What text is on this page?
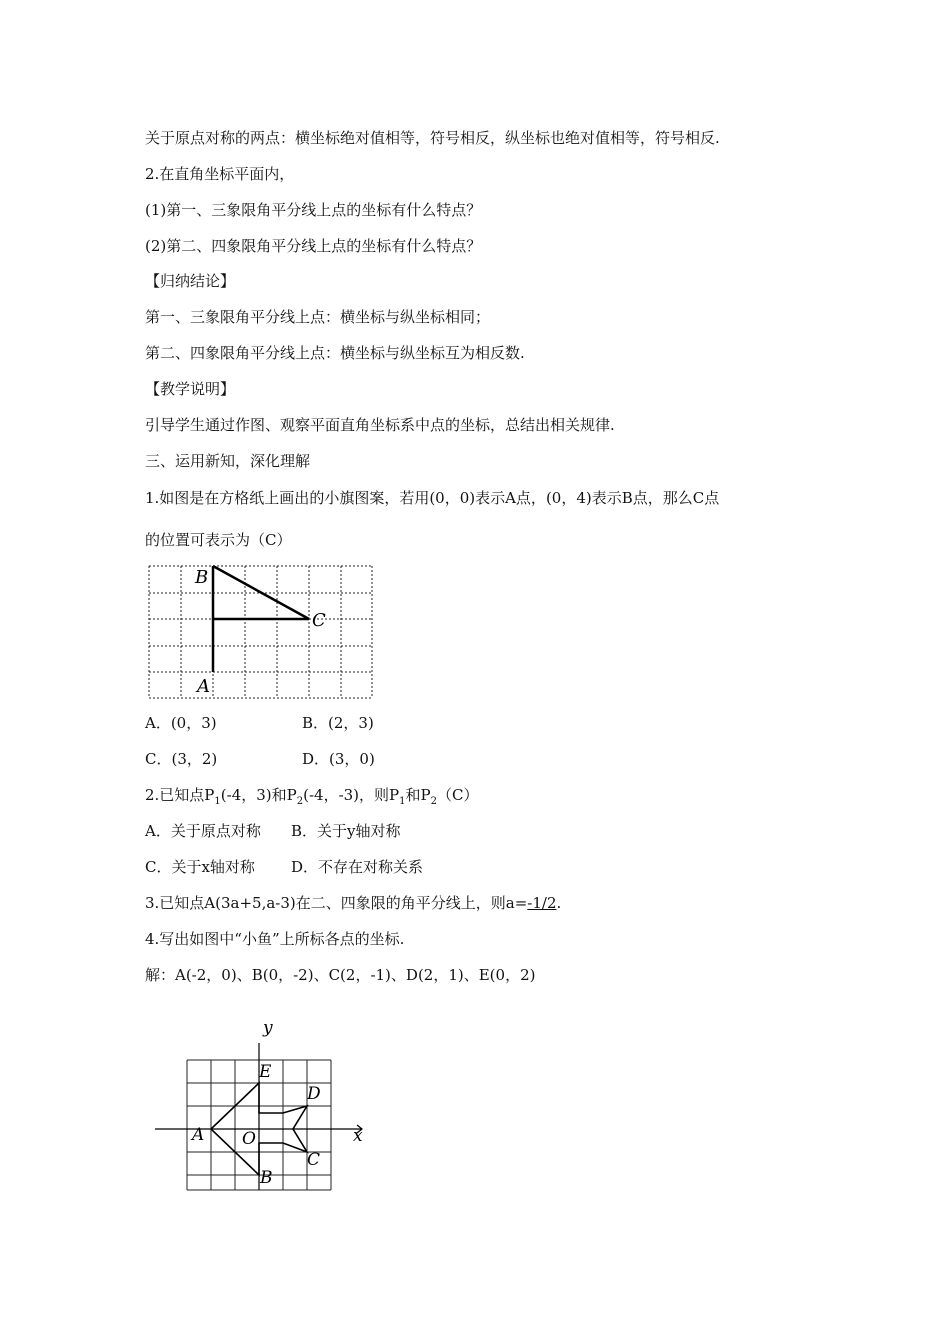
关于原点对称的两点：横坐标绝对值相等，符号相反，纵坐标也绝对值相等，符号相反.
2.在直角坐标平面内，
(1)第一、三象限角平分线上点的坐标有什么特点？
(2)第二、四象限角平分线上点的坐标有什么特点？
【归纳结论】
第一、三象限角平分线上点：横坐标与纵坐标相同；
第二、四象限角平分线上点：横坐标与纵坐标互为相反数.
【教学说明】
引导学生通过作图、观察平面直角坐标系中点的坐标，总结出相关规律.
三、运用新知，深化理解
1.如图是在方格纸上画出的小旗图案，若用(0，0)表示A点，(0，4)表示B点，那么C点
的位置可表示为（C）
B
C
A
A．(0，3)	B．(2，3)
C．(3，2)	D．(3，0)
2.已知点$P_1(-4$，3)和$P_2(-4$，-3)，则$P_1$和$P_2(C)$
A．关于原点对称 B．关于y轴对称
C．关于x轴对称 D．不存在对称关系
3.已知点A(3a+5,a-3)在二、四象限的角平分线上，则a=-1/2.
4.写出如图中“小鱼”上所标各点的坐标.
解：A(-2，0)、B(0，-2)、C(2，-1)、D(2，1)、E(0，2)
y
x
A
E
D
C
O
B
